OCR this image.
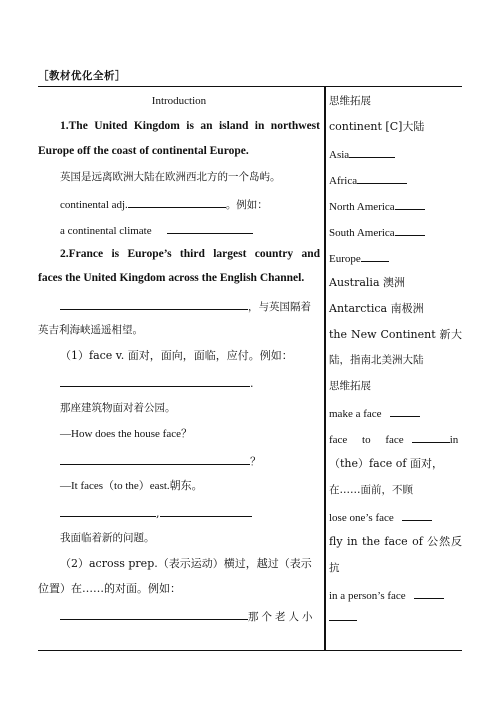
［教材优化全析］
Introduction
1.The United Kingdom is an island in northwest
Europe off the coast of continental Europe.
英国是远离欧洲大陆在欧洲西北方的一个岛屿。
continental adj.	。例如：
a continental climate
2.France is Europe’s third largest country and
faces the United Kingdom across the English Channel.
，与英国隔着
英吉利海峡遥遥相望。
（1）face v. 面对，面向，面临，应付。例如：
.
那座建筑物面对着公园。
—How does the house face？
？
—It faces（to the）east.朝东。
,
我面临着新的问题。
（2）across prep.（表示运动）横过，越过（表示
位置）在……的对面。例如：
那个老人小
思维拓展
continent [C]大陆
Asia
Africa
North America
South America
Europe
Australia 澳洲
Antarctica 南极洲
the New Continent 新大
陆，指南北美洲大陆
思维拓展
make a face
face to face	in
（the）face of 面对，
在……面前，不顾
lose one’s face
fly in the face of 公然反
抗
in a person’s face
